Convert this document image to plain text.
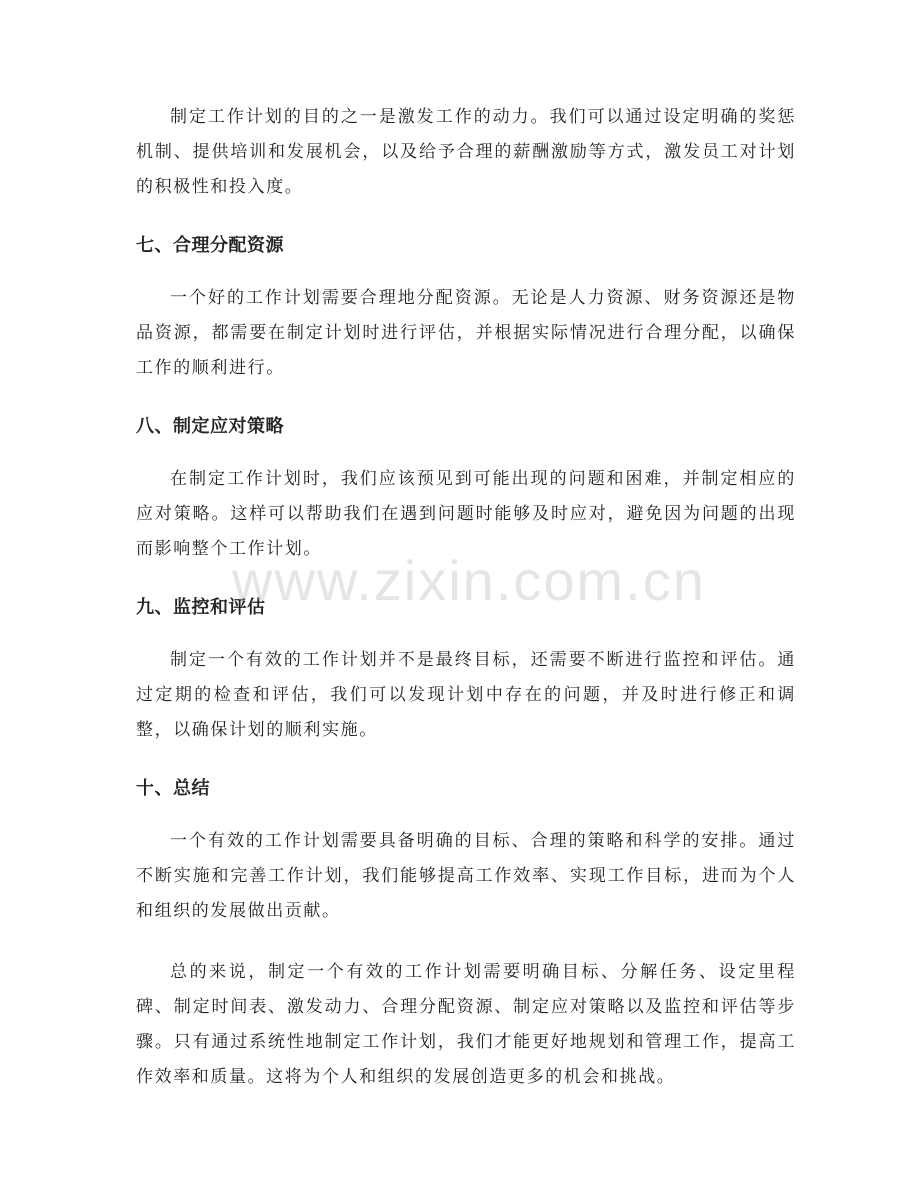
制定工作计划的目的之一是激发工作的动力。我们可以通过设定明确的奖惩机制、提供培训和发展机会，以及给予合理的薪酬激励等方式，激发员工对计划的积极性和投入度。

七、合理分配资源

一个好的工作计划需要合理地分配资源。无论是人力资源、财务资源还是物品资源，都需要在制定计划时进行评估，并根据实际情况进行合理分配，以确保工作的顺利进行。

八、制定应对策略

在制定工作计划时，我们应该预见到可能出现的问题和困难，并制定相应的应对策略。这样可以帮助我们在遇到问题时能够及时应对，避免因为问题的出现而影响整个工作计划。

九、监控和评估

制定一个有效的工作计划并不是最终目标，还需要不断进行监控和评估。通过定期的检查和评估，我们可以发现计划中存在的问题，并及时进行修正和调整，以确保计划的顺利实施。

十、总结

一个有效的工作计划需要具备明确的目标、合理的策略和科学的安排。通过不断实施和完善工作计划，我们能够提高工作效率、实现工作目标，进而为个人和组织的发展做出贡献。

总的来说，制定一个有效的工作计划需要明确目标、分解任务、设定里程碑、制定时间表、激发动力、合理分配资源、制定应对策略以及监控和评估等步骤。只有通过系统性地制定工作计划，我们才能更好地规划和管理工作，提高工作效率和质量。这将为个人和组织的发展创造更多的机会和挑战。

www.zixin.com.cn
